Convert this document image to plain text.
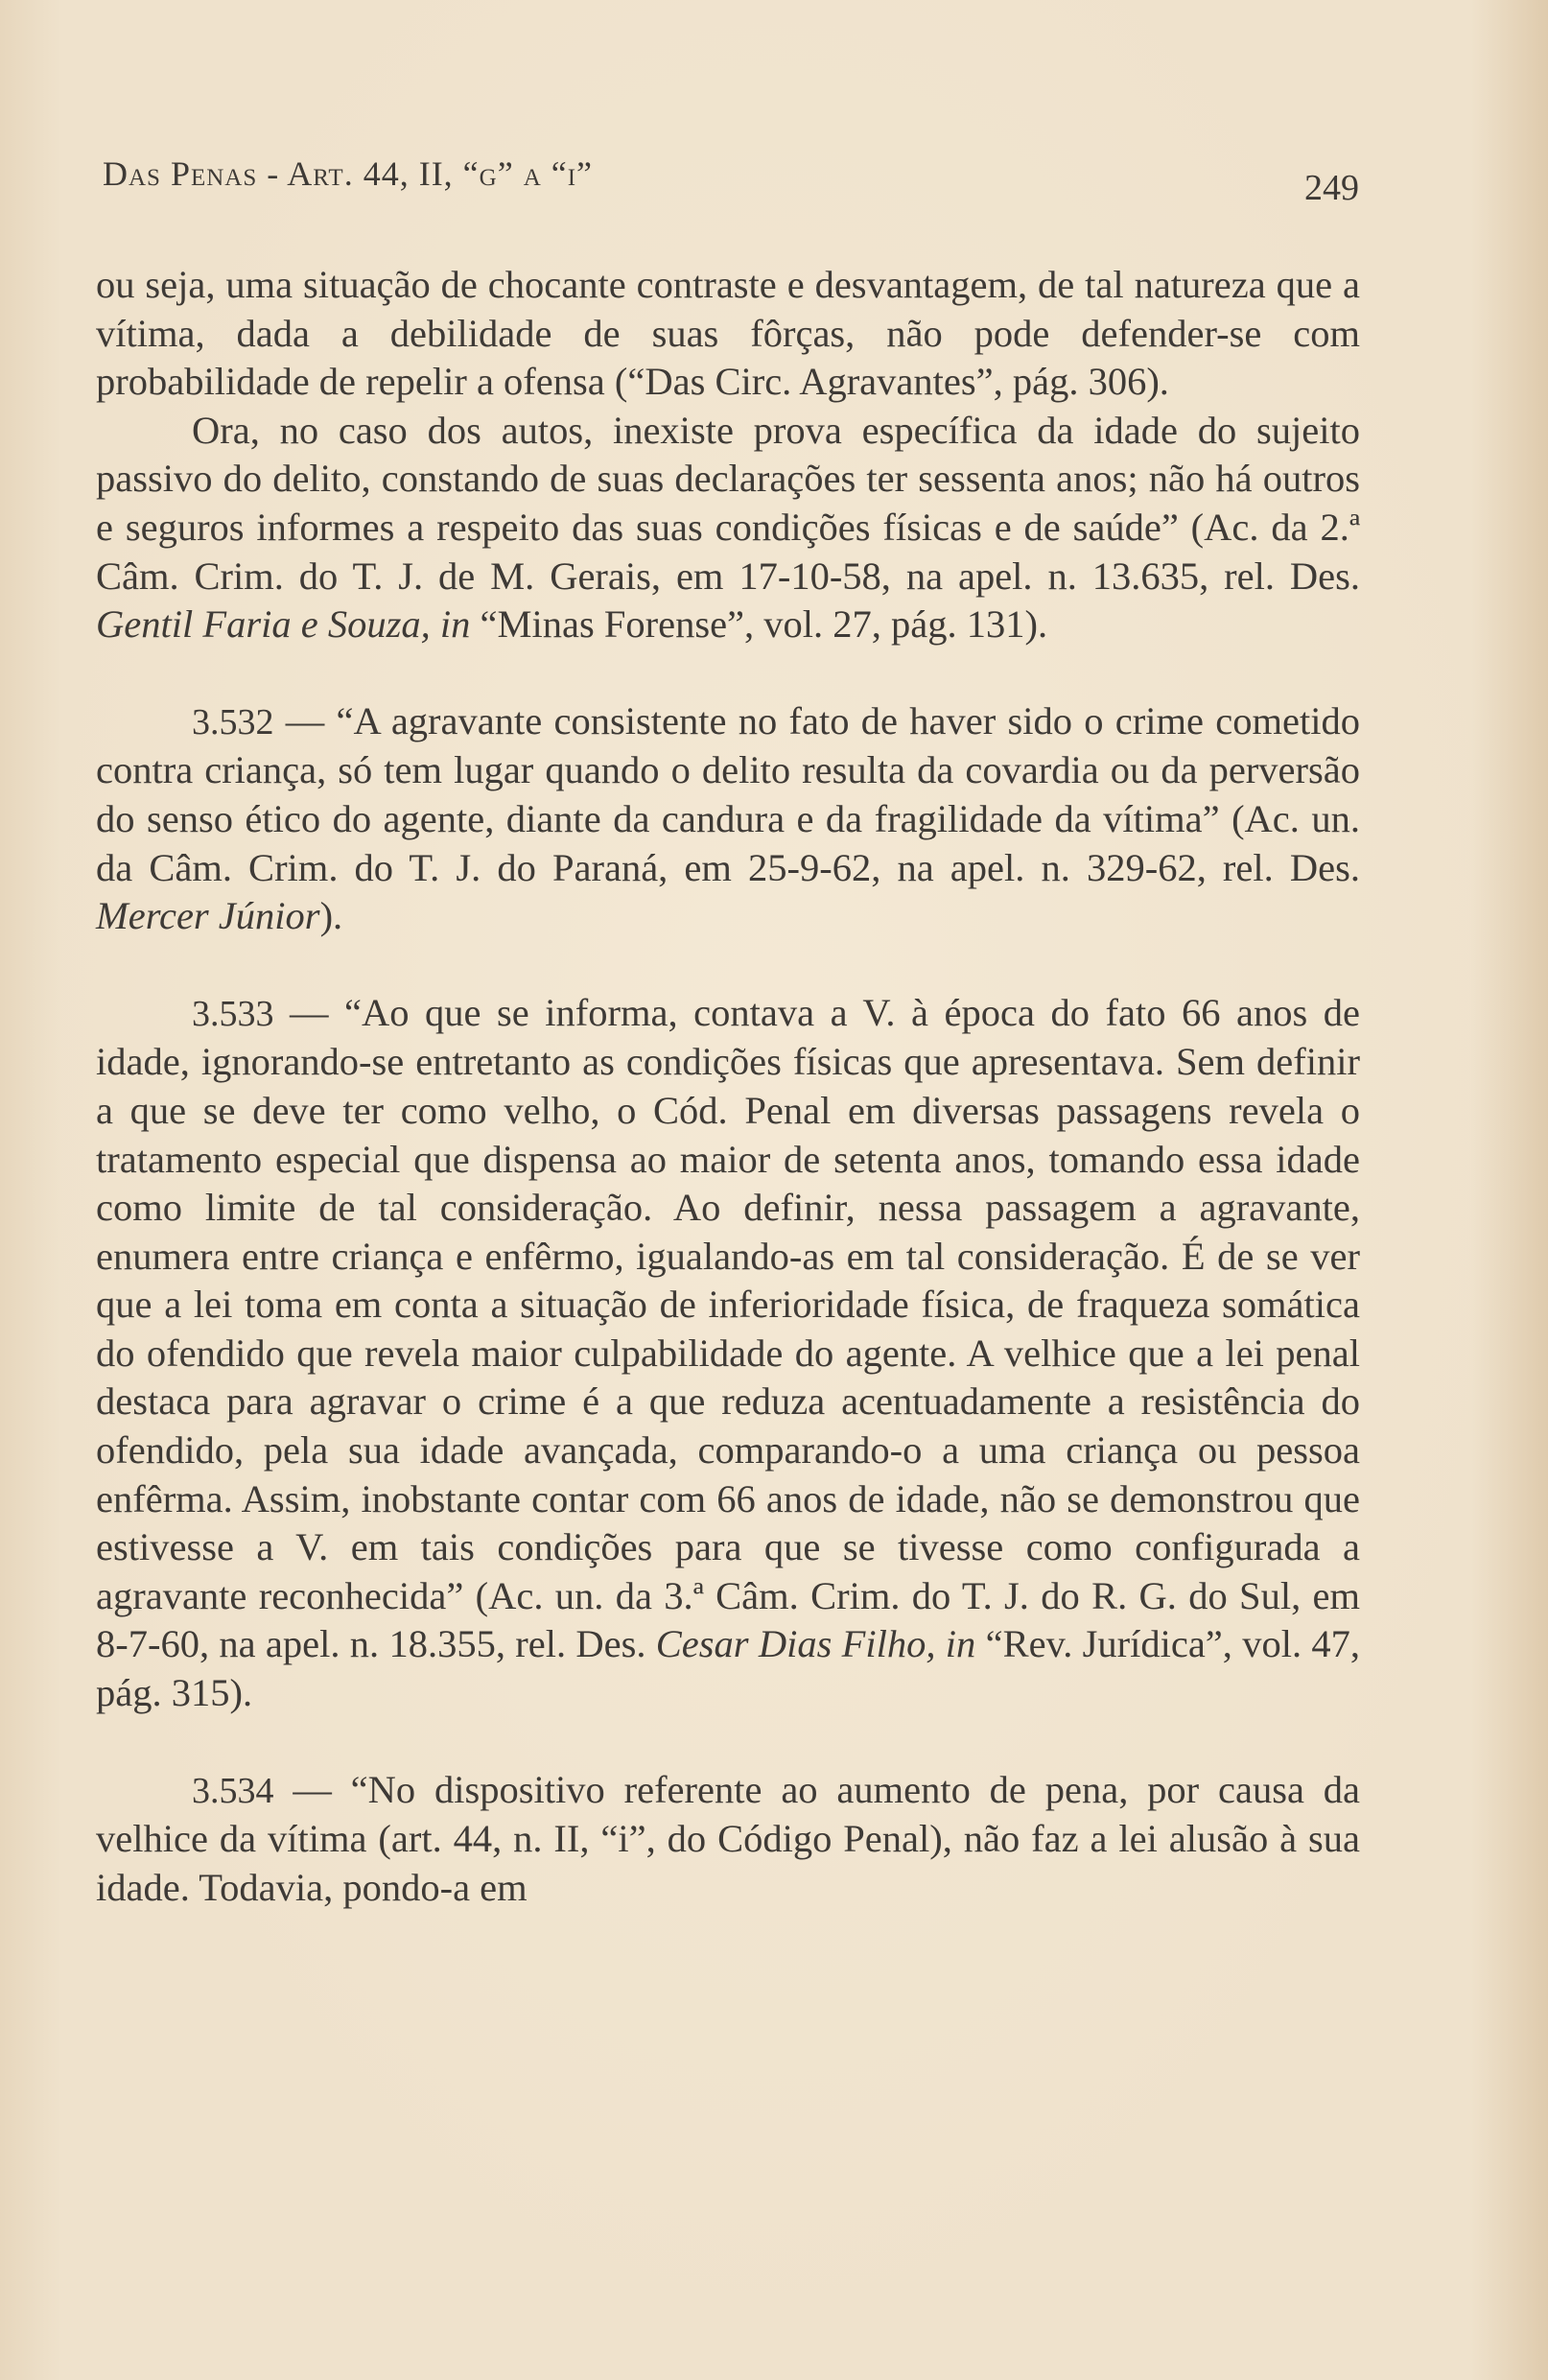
Das Penas - Art. 44, II, “g” a “i”	249

ou seja, uma situação de chocante contraste e desvantagem, de tal natureza que a vítima, dada a debilidade de suas fôrças, não pode defender-se com probabilidade de repelir a ofensa (“Das Circ. Agravantes”, pág. 306).

Ora, no caso dos autos, inexiste prova específica da idade do sujeito passivo do delito, constando de suas declarações ter sessenta anos; não há outros e seguros informes a respeito das suas condições físicas e de saúde” (Ac. da 2.ª Câm. Crim. do T. J. de M. Gerais, em 17-10-58, na apel. n. 13.635, rel. Des. Gentil Faria e Souza, in “Minas Forense”, vol. 27, pág. 131).

3.532 — “A agravante consistente no fato de haver sido o crime cometido contra criança, só tem lugar quando o delito resulta da covardia ou da perversão do senso ético do agente, diante da candura e da fragilidade da vítima” (Ac. un. da Câm. Crim. do T. J. do Paraná, em 25-9-62, na apel. n. 329-62, rel. Des. Mercer Júnior).

3.533 — “Ao que se informa, contava a V. à época do fato 66 anos de idade, ignorando-se entretanto as condições físicas que apresentava. Sem definir a que se deve ter como velho, o Cód. Penal em diversas passagens revela o tratamento especial que dispensa ao maior de setenta anos, tomando essa idade como limite de tal consideração. Ao definir, nessa passagem a agravante, enumera entre criança e enfêrmo, igualando-as em tal consideração. É de se ver que a lei toma em conta a situação de inferioridade física, de fraqueza somática do ofendido que revela maior culpabilidade do agente. A velhice que a lei penal destaca para agravar o crime é a que reduza acentuadamente a resistência do ofendido, pela sua idade avançada, comparando-o a uma criança ou pessoa enfêrma. Assim, inobstante contar com 66 anos de idade, não se demonstrou que estivesse a V. em tais condições para que se tivesse como configurada a agravante reconhecida” (Ac. un. da 3.ª Câm. Crim. do T. J. do R. G. do Sul, em 8-7-60, na apel. n. 18.355, rel. Des. Cesar Dias Filho, in “Rev. Jurídica”, vol. 47, pág. 315).

3.534 — “No dispositivo referente ao aumento de pena, por causa da velhice da vítima (art. 44, n. II, “i”, do Código Penal), não faz a lei alusão à sua idade. Todavia, pondo-a em
